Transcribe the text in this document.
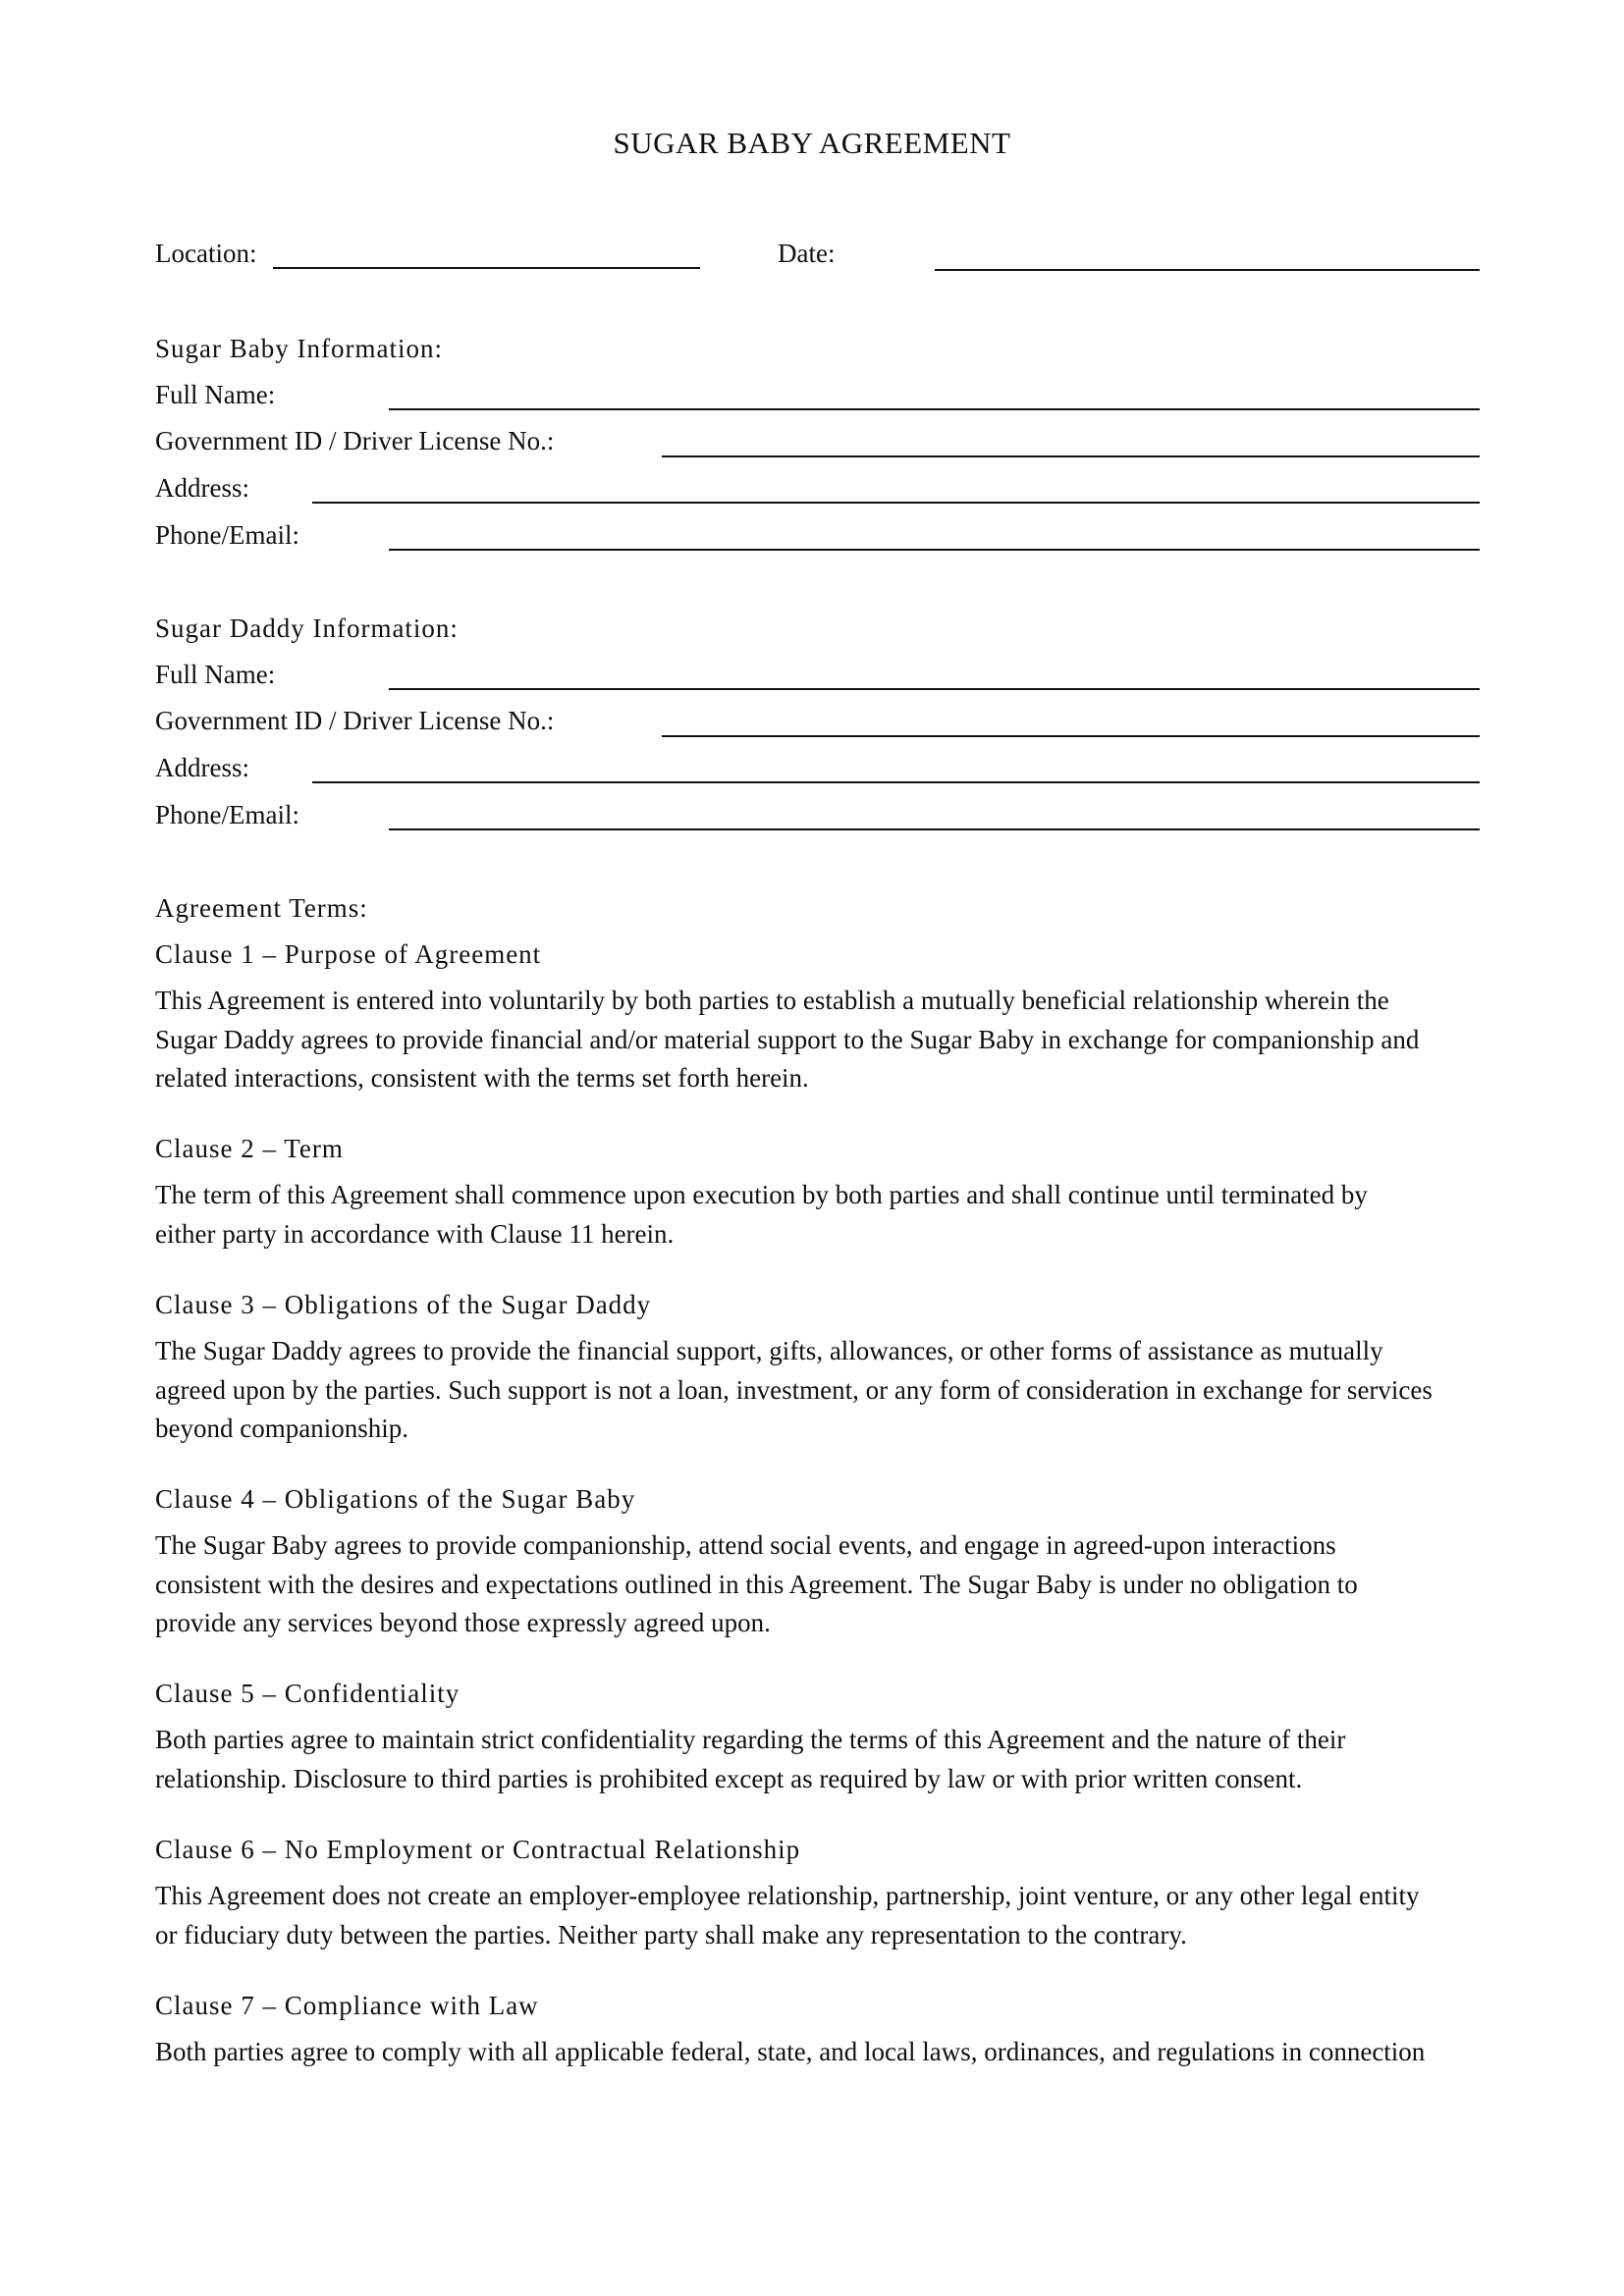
SUGAR BABY AGREEMENT
Location:	Date:
Sugar Baby Information:
Full Name:
Government ID / Driver License No.:
Address:
Phone/Email:
Sugar Daddy Information:
Full Name:
Government ID / Driver License No.:
Address:
Phone/Email:
Agreement Terms:
Clause 1 – Purpose of Agreement
This Agreement is entered into voluntarily by both parties to establish a mutually beneficial relationship wherein the
Sugar Daddy agrees to provide financial and/or material support to the Sugar Baby in exchange for companionship and
related interactions, consistent with the terms set forth herein.
Clause 2 – Term
The term of this Agreement shall commence upon execution by both parties and shall continue until terminated by
either party in accordance with Clause 11 herein.
Clause 3 – Obligations of the Sugar Daddy
The Sugar Daddy agrees to provide the financial support, gifts, allowances, or other forms of assistance as mutually
agreed upon by the parties. Such support is not a loan, investment, or any form of consideration in exchange for services
beyond companionship.
Clause 4 – Obligations of the Sugar Baby
The Sugar Baby agrees to provide companionship, attend social events, and engage in agreed-upon interactions
consistent with the desires and expectations outlined in this Agreement. The Sugar Baby is under no obligation to
provide any services beyond those expressly agreed upon.
Clause 5 – Confidentiality
Both parties agree to maintain strict confidentiality regarding the terms of this Agreement and the nature of their
relationship. Disclosure to third parties is prohibited except as required by law or with prior written consent.
Clause 6 – No Employment or Contractual Relationship
This Agreement does not create an employer-employee relationship, partnership, joint venture, or any other legal entity
or fiduciary duty between the parties. Neither party shall make any representation to the contrary.
Clause 7 – Compliance with Law
Both parties agree to comply with all applicable federal, state, and local laws, ordinances, and regulations in connection
